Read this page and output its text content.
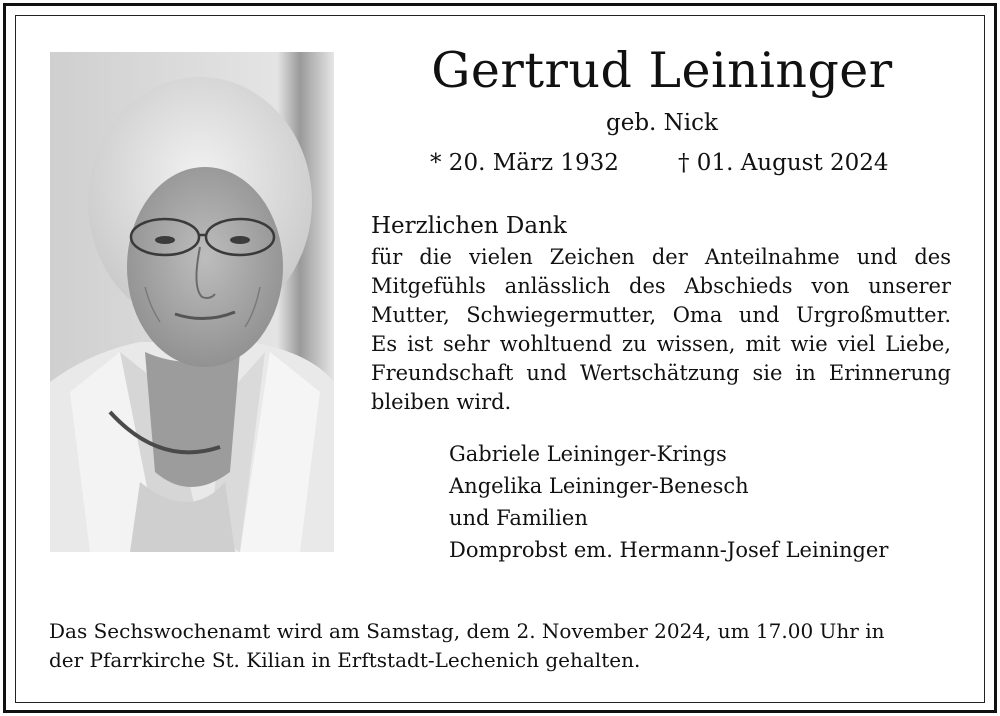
Gertrud Leininger
geb. Nick
* 20. März 1932	† 01. August 2024
Herzlichen Dank
für die vielen Zeichen der Anteilnahme und des
Mitgefühls anlässlich des Abschieds von unserer
Mutter, Schwiegermutter, Oma und Urgroßmutter.
Es ist sehr wohltuend zu wissen, mit wie viel Liebe,
Freundschaft und Wertschätzung sie in Erinnerung
bleiben wird.
Gabriele Leininger-Krings
Angelika Leininger-Benesch
und Familien
Domprobst em. Hermann-Josef Leininger
Das Sechswochenamt wird am Samstag, dem 2. November 2024, um 17.00 Uhr in
der Pfarrkirche St. Kilian in Erftstadt-Lechenich gehalten.
